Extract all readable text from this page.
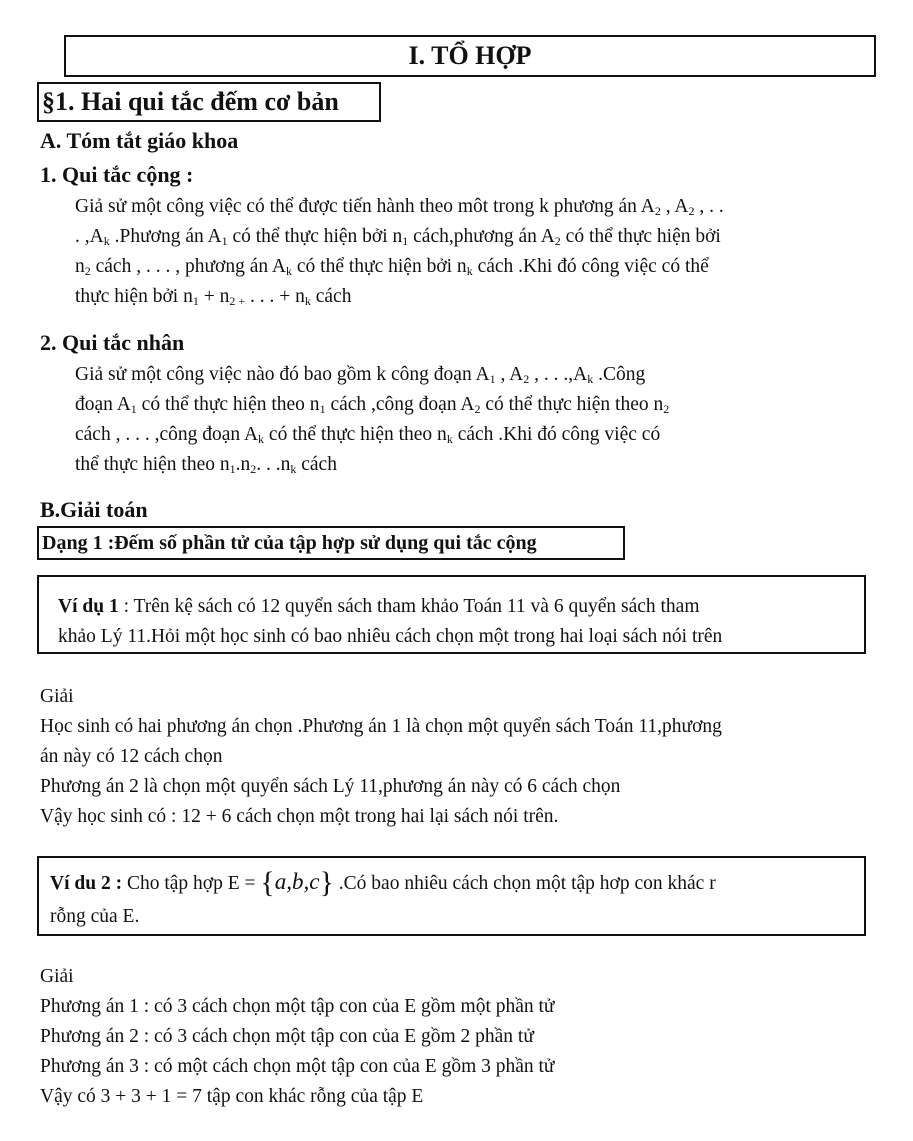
I. TỔ HỢP
§1. Hai qui tắc đếm cơ bản
A. Tóm tắt giáo khoa
1. Qui tắc cộng :
Giả sử một công việc có thể được tiến hành theo môt trong k phương án $A_2$ , $A_2$ , . .
. $,A_k$ .Phương án $A_1$ có thể thực hiện bởi $n_1$ cách,phương án $A_2$ có thể thực hiện bởi
$n_2$ cách , . . . , phương án $A_k$ có thể thực hiện bởi $n_k$ cách .Khi đó công việc có thể
thực hiện bởi $n_1 + n_{2 +}$ . . . + $n_k$ cách
2. Qui tắc nhân
Giả sử một công việc nào đó bao gồm k công đoạn $A_1$ , $A_2$ , . . $.,A_k$ .Công
đoạn $A_1$ có thể thực hiện theo $n_1$ cách ,công đoạn $A_2$ có thể thực hiện theo $n_2$
cách , . . . ,công đoạn $A_k$ có thể thực hiện theo $n_k$ cách .Khi đó công việc có
thể thực hiện theo $n_1.n_2$. . $.n_k$ cách
B.Giải toán
Dạng 1 :Đếm số phần tử của tập hợp sử dụng qui tắc cộng
Ví dụ 1 : Trên kệ sách có 12 quyển sách tham khảo Toán 11 và 6 quyển sách tham
khảo Lý 11.Hỏi một học sinh có bao nhiêu cách chọn một trong hai loại sách nói trên
Giải
Học sinh có hai phương án chọn .Phương án 1 là chọn một quyển sách Toán 11,phương
án này có 12 cách chọn
Phương án 2 là chọn một quyển sách Lý 11,phương án này có 6 cách chọn
Vậy học sinh có : 12 + 6 cách chọn một trong hai lại sách nói trên.
Ví du 2 : Cho tập hợp E = {a,b,c} .Có bao nhiêu cách chọn một tập hơp con khác r
rỗng của E.
Giải
Phương án 1 : có 3 cách chọn một tập con của E gồm một phần tử
Phương án 2 : có 3 cách chọn một tập con của E gồm 2 phần tử
Phương án 3 : có một cách chọn một tập con của E gồm 3 phần tử
Vậy có 3 + 3 + 1 = 7 tập con khác rỗng của tập E
